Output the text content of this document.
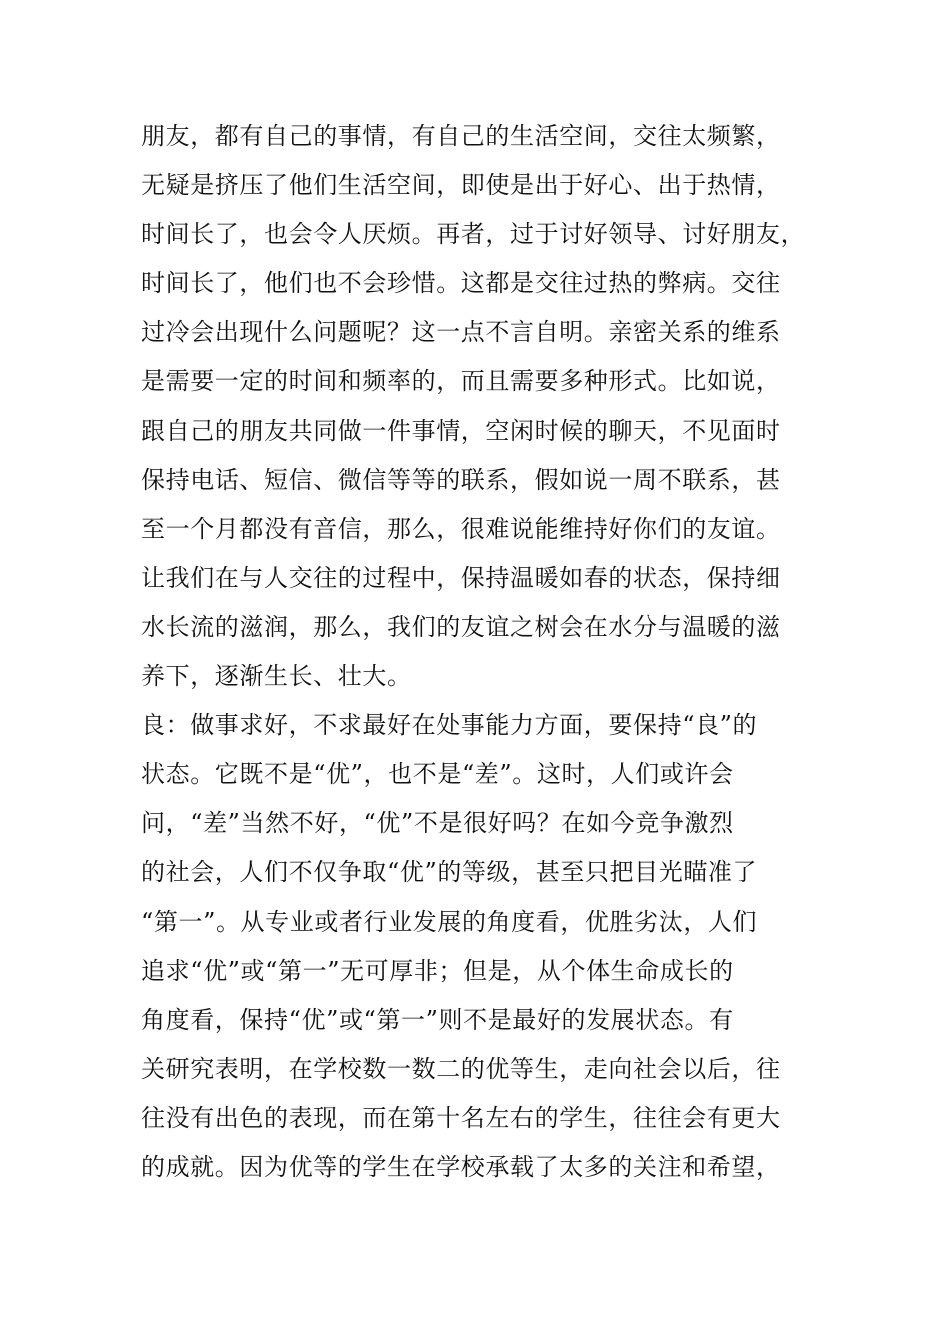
朋友，都有自己的事情，有自己的生活空间，交往太频繁，
无疑是挤压了他们生活空间，即使是出于好心、出于热情，
时间长了，也会令人厌烦。再者，过于讨好领导、讨好朋友，
时间长了，他们也不会珍惜。这都是交往过热的弊病。交往
过冷会出现什么问题呢？这一点不言自明。亲密关系的维系
是需要一定的时间和频率的，而且需要多种形式。比如说，
跟自己的朋友共同做一件事情，空闲时候的聊天，不见面时
保持电话、短信、微信等等的联系，假如说一周不联系，甚
至一个月都没有音信，那么，很难说能维持好你们的友谊。
让我们在与人交往的过程中，保持温暖如春的状态，保持细
水长流的滋润，那么，我们的友谊之树会在水分与温暖的滋
养下，逐渐生长、壮大。
良：做事求好，不求最好在处事能力方面，要保持“良”的
状态。它既不是“优”，也不是“差”。这时，人们或许会
问，“差”当然不好，“优”不是很好吗？在如今竞争激烈
的社会，人们不仅争取“优”的等级，甚至只把目光瞄准了
“第一”。从专业或者行业发展的角度看，优胜劣汰，人们
追求“优”或“第一”无可厚非；但是，从个体生命成长的
角度看，保持“优”或“第一”则不是最好的发展状态。有
关研究表明，在学校数一数二的优等生，走向社会以后，往
往没有出色的表现，而在第十名左右的学生，往往会有更大
的成就。因为优等的学生在学校承载了太多的关注和希望，
